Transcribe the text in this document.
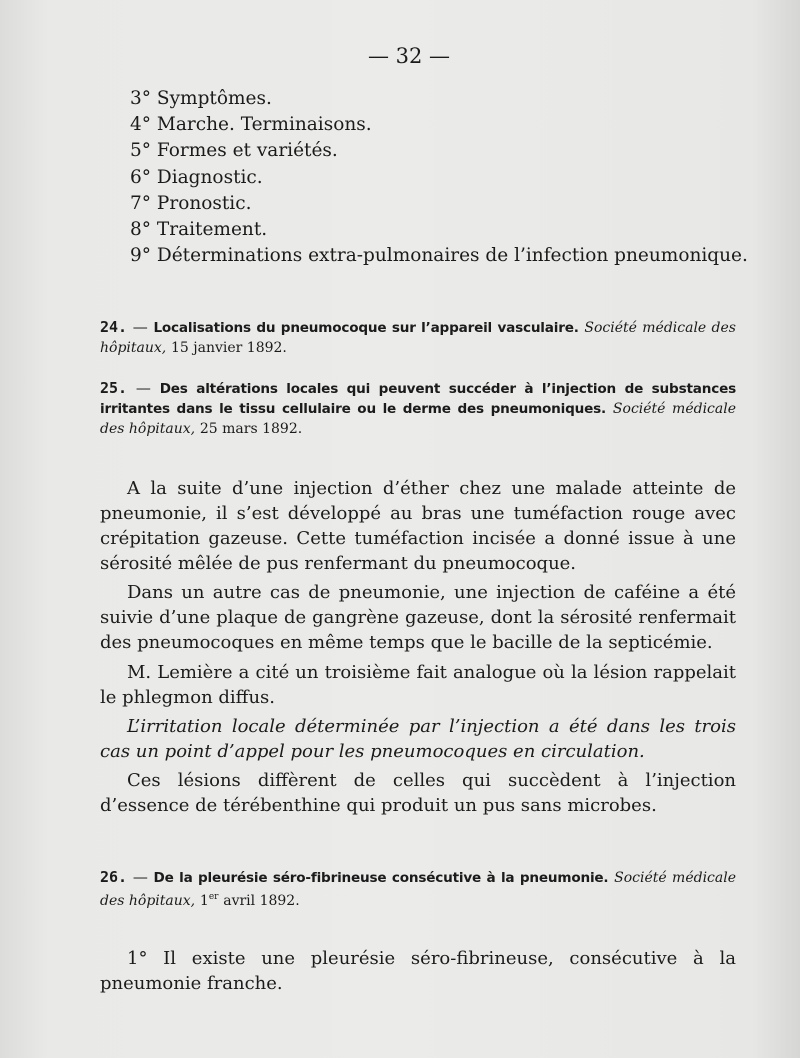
— 32 —
3° Symptômes.
4° Marche. Terminaisons.
5° Formes et variétés.
6° Diagnostic.
7° Pronostic.
8° Traitement.
9° Déterminations extra-pulmonaires de l’infection pneumonique.
24. — Localisations du pneumocoque sur l’appareil vasculaire. Société médicale des hôpitaux, 15 janvier 1892.
25. — Des altérations locales qui peuvent succéder à l’injection de substances irritantes dans le tissu cellulaire ou le derme des pneumoniques. Société médicale des hôpitaux, 25 mars 1892.

A la suite d’une injection d’éther chez une malade atteinte de pneumonie, il s’est développé au bras une tuméfaction rouge avec crépitation gazeuse. Cette tuméfaction incisée a donné issue à une sérosité mêlée de pus renfermant du pneumocoque.

Dans un autre cas de pneumonie, une injection de caféine a été suivie d’une plaque de gangrène gazeuse, dont la sérosité renfermait des pneumocoques en même temps que le bacille de la septicémie.

M. Lemière a cité un troisième fait analogue où la lésion rappelait le phlegmon diffus.

L’irritation locale déterminée par l’injection a été dans les trois cas un point d’appel pour les pneumocoques en circulation.

Ces lésions diffèrent de celles qui succèdent à l’injection d’essence de térébenthine qui produit un pus sans microbes.

26. — De la pleurésie séro-fibrineuse consécutive à la pneumonie. Société médicale des hôpitaux, 1er avril 1892.

1° Il existe une pleurésie séro-fibrineuse, consécutive à la pneumonie franche.
